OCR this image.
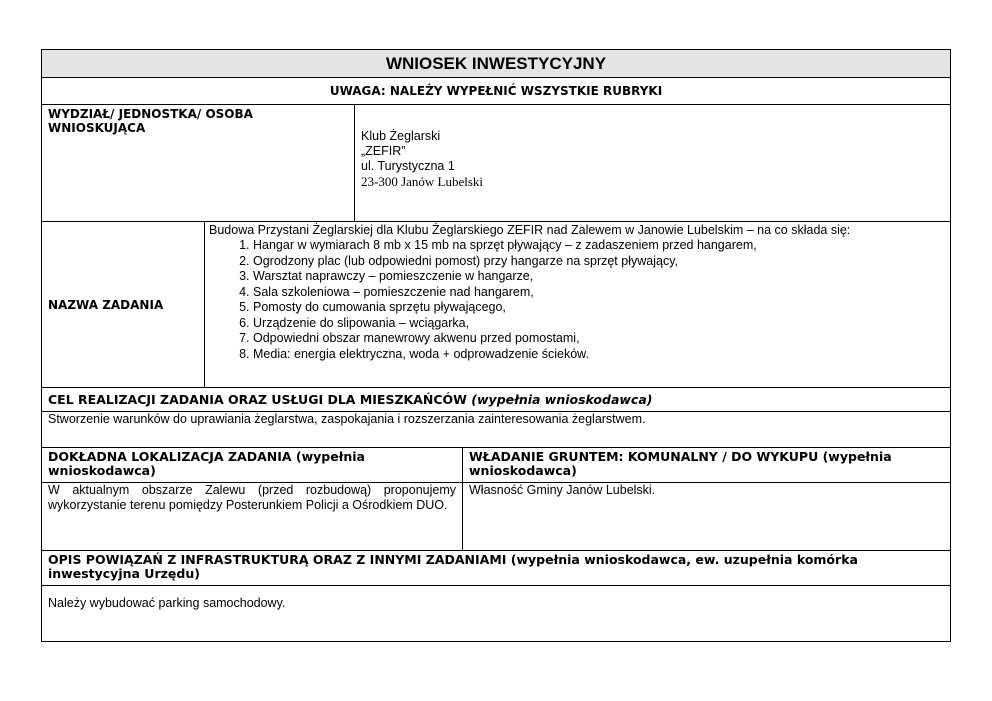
WNIOSEK INWESTYCYJNY
UWAGA: NALEŻY WYPEŁNIĆ WSZYSTKIE RUBRYKI
WYDZIAŁ/ JEDNOSTKA/ OSOBA WNIOSKUJĄCA
Klub Żeglarski
„ZEFIR”
ul. Turystyczna 1
23-300 Janów Lubelski
NAZWA ZADANIA
Budowa Przystani Żeglarskiej dla Klubu Żeglarskiego ZEFIR nad Zalewem w Janowie Lubelskim – na co składa się:
1. Hangar w wymiarach 8 mb x 15 mb na sprzęt pływający – z zadaszeniem przed hangarem,
2. Ogrodzony plac (lub odpowiedni pomost) przy hangarze na sprzęt pływający,
3. Warsztat naprawczy – pomieszczenie w hangarze,
4. Sala szkoleniowa – pomieszczenie nad hangarem,
5. Pomosty do cumowania sprzętu pływającego,
6. Urządzenie do slipowania – wciągarka,
7. Odpowiedni obszar manewrowy akwenu przed pomostami,
8. Media: energia elektryczna, woda + odprowadzenie ścieków.
CEL REALIZACJI ZADANIA ORAZ USŁUGI DLA MIESZKAŃCÓW (wypełnia wnioskodawca)
Stworzenie warunków do uprawiania żeglarstwa, zaspokajania i rozszerzania zainteresowania żeglarstwem.
DOKŁADNA LOKALIZACJA ZADANIA (wypełnia wnioskodawca)
WŁADANIE GRUNTEM: KOMUNALNY / DO WYKUPU (wypełnia wnioskodawca)
W aktualnym obszarze Zalewu (przed rozbudową) proponujemy wykorzystanie terenu pomiędzy Posterunkiem Policji a Ośrodkiem DUO.
Własność Gminy Janów Lubelski.
OPIS POWIĄZAŃ Z INFRASTRUKTURĄ ORAZ Z INNYMI ZADANIAMI (wypełnia wnioskodawca, ew. uzupełnia komórka inwestycyjna Urzędu)
Należy wybudować parking samochodowy.
